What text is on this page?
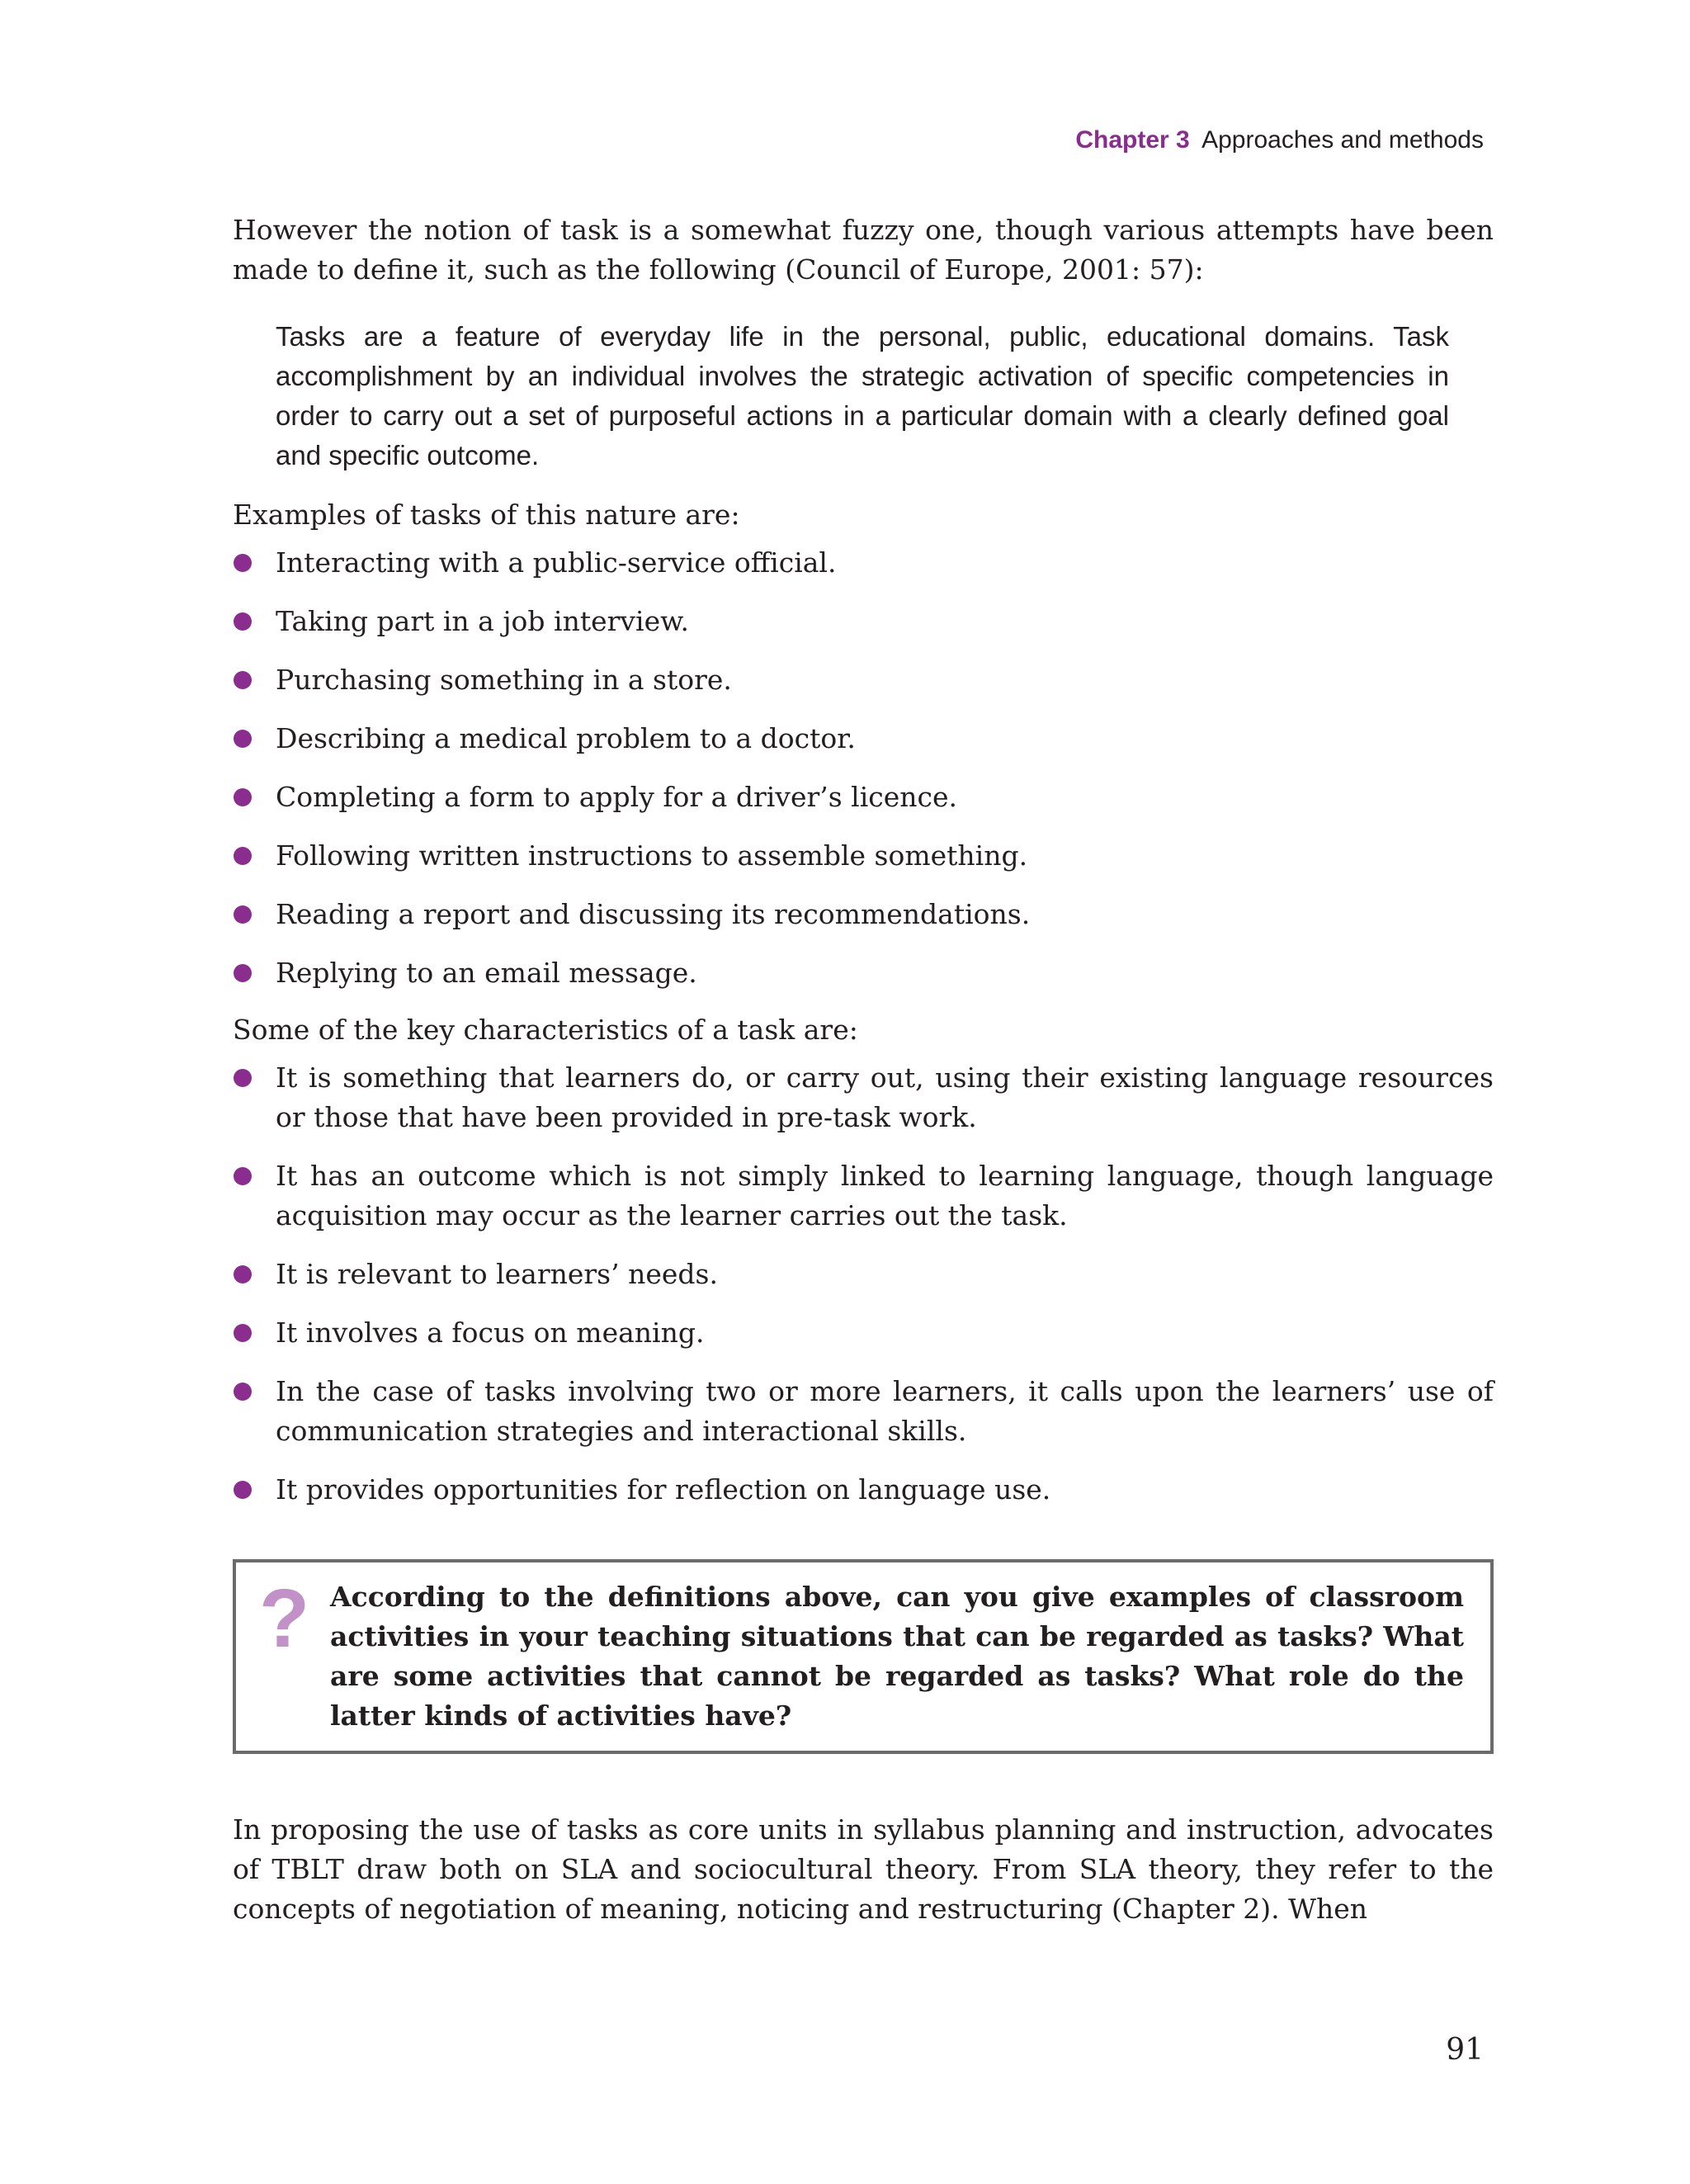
Chapter 3 Approaches and methods

However the notion of task is a somewhat fuzzy one, though various attempts have been made to define it, such as the following (Council of Europe, 2001: 57):

Tasks are a feature of everyday life in the personal, public, educational domains. Task accomplishment by an individual involves the strategic activation of specific competencies in order to carry out a set of purposeful actions in a particular domain with a clearly defined goal and specific outcome.

Examples of tasks of this nature are:

Interacting with a public-service official.
Taking part in a job interview.
Purchasing something in a store.
Describing a medical problem to a doctor.
Completing a form to apply for a driver’s licence.
Following written instructions to assemble something.
Reading a report and discussing its recommendations.
Replying to an email message.

Some of the key characteristics of a task are:

It is something that learners do, or carry out, using their existing language resources or those that have been provided in pre-task work.
It has an outcome which is not simply linked to learning language, though language acquisition may occur as the learner carries out the task.
It is relevant to learners’ needs.
It involves a focus on meaning.
In the case of tasks involving two or more learners, it calls upon the learners’ use of communication strategies and interactional skills.
It provides opportunities for reflection on language use.
? According to the definitions above, can you give examples of classroom activities in your teaching situations that can be regarded as tasks? What are some activities that cannot be regarded as tasks? What role do the latter kinds of activities have?

In proposing the use of tasks as core units in syllabus planning and instruction, advocates of TBLT draw both on SLA and sociocultural theory. From SLA theory, they refer to the concepts of negotiation of meaning, noticing and restructuring (Chapter 2). When

91
